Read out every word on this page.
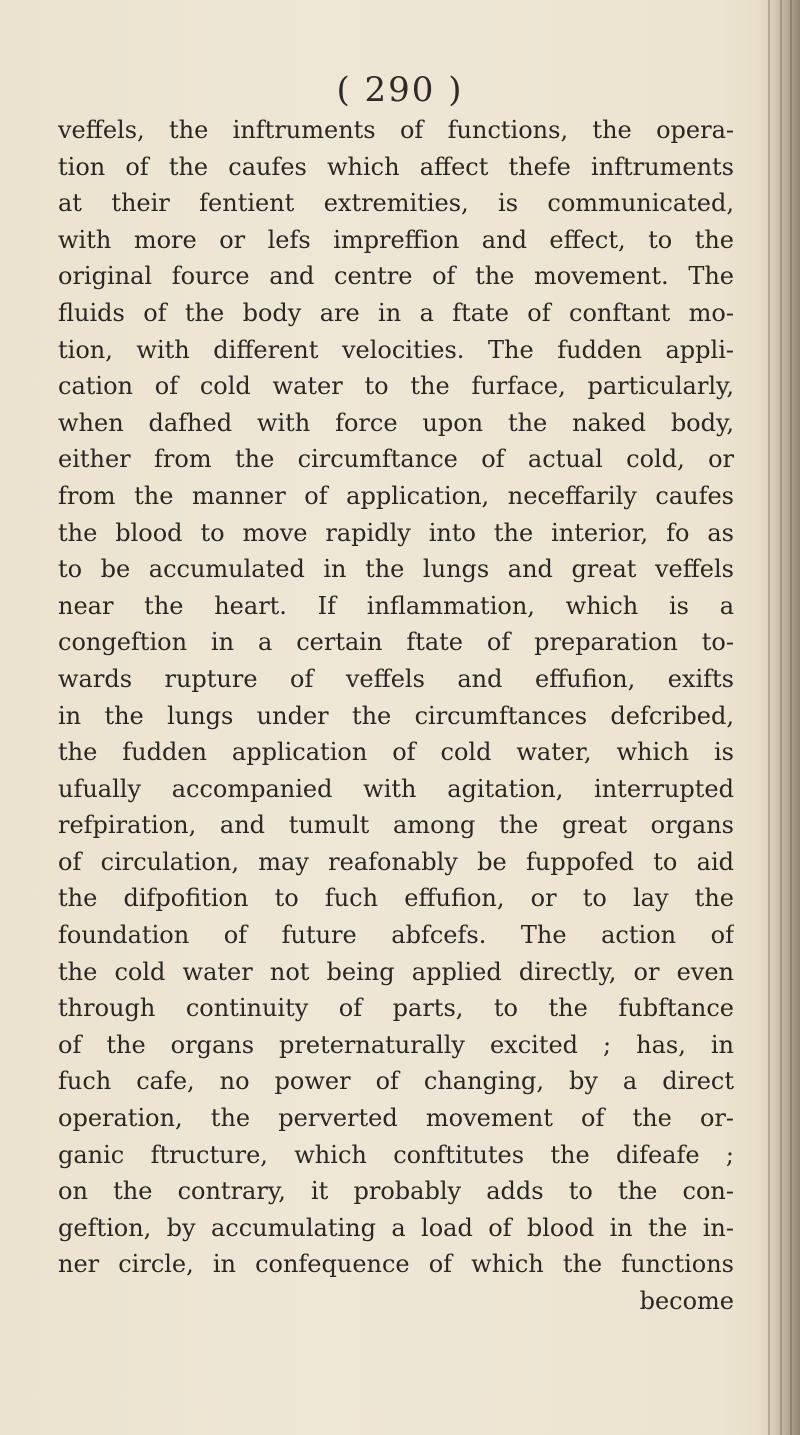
( 290 )
veffels, the inftruments of functions, the opera-
tion of the caufes which affect thefe inftruments
at their fentient extremities, is communicated,
with more or lefs impreffion and effect, to the
original fource and centre of the movement. The
fluids of the body are in a ftate of conftant mo-
tion, with different velocities. The fudden appli-
cation of cold water to the furface, particularly,
when dafhed with force upon the naked body,
either from the circumftance of actual cold, or
from the manner of application, neceffarily caufes
the blood to move rapidly into the interior, fo as
to be accumulated in the lungs and great veffels
near the heart. If inflammation, which is a
congeftion in a certain ftate of preparation to-
wards rupture of veffels and effufion, exifts
in the lungs under the circumftances defcribed,
the fudden application of cold water, which is
ufually accompanied with agitation, interrupted
refpiration, and tumult among the great organs
of circulation, may reafonably be fuppofed to aid
the difpofition to fuch effufion, or to lay the
foundation of future abfcefs. The action of
the cold water not being applied directly, or even
through continuity of parts, to the fubftance
of the organs preternaturally excited ; has, in
fuch cafe, no power of changing, by a direct
operation, the perverted movement of the or-
ganic ftructure, which conftitutes the difeafe ;
on the contrary, it probably adds to the con-
geftion, by accumulating a load of blood in the in-
ner circle, in confequence of which the functions
become
